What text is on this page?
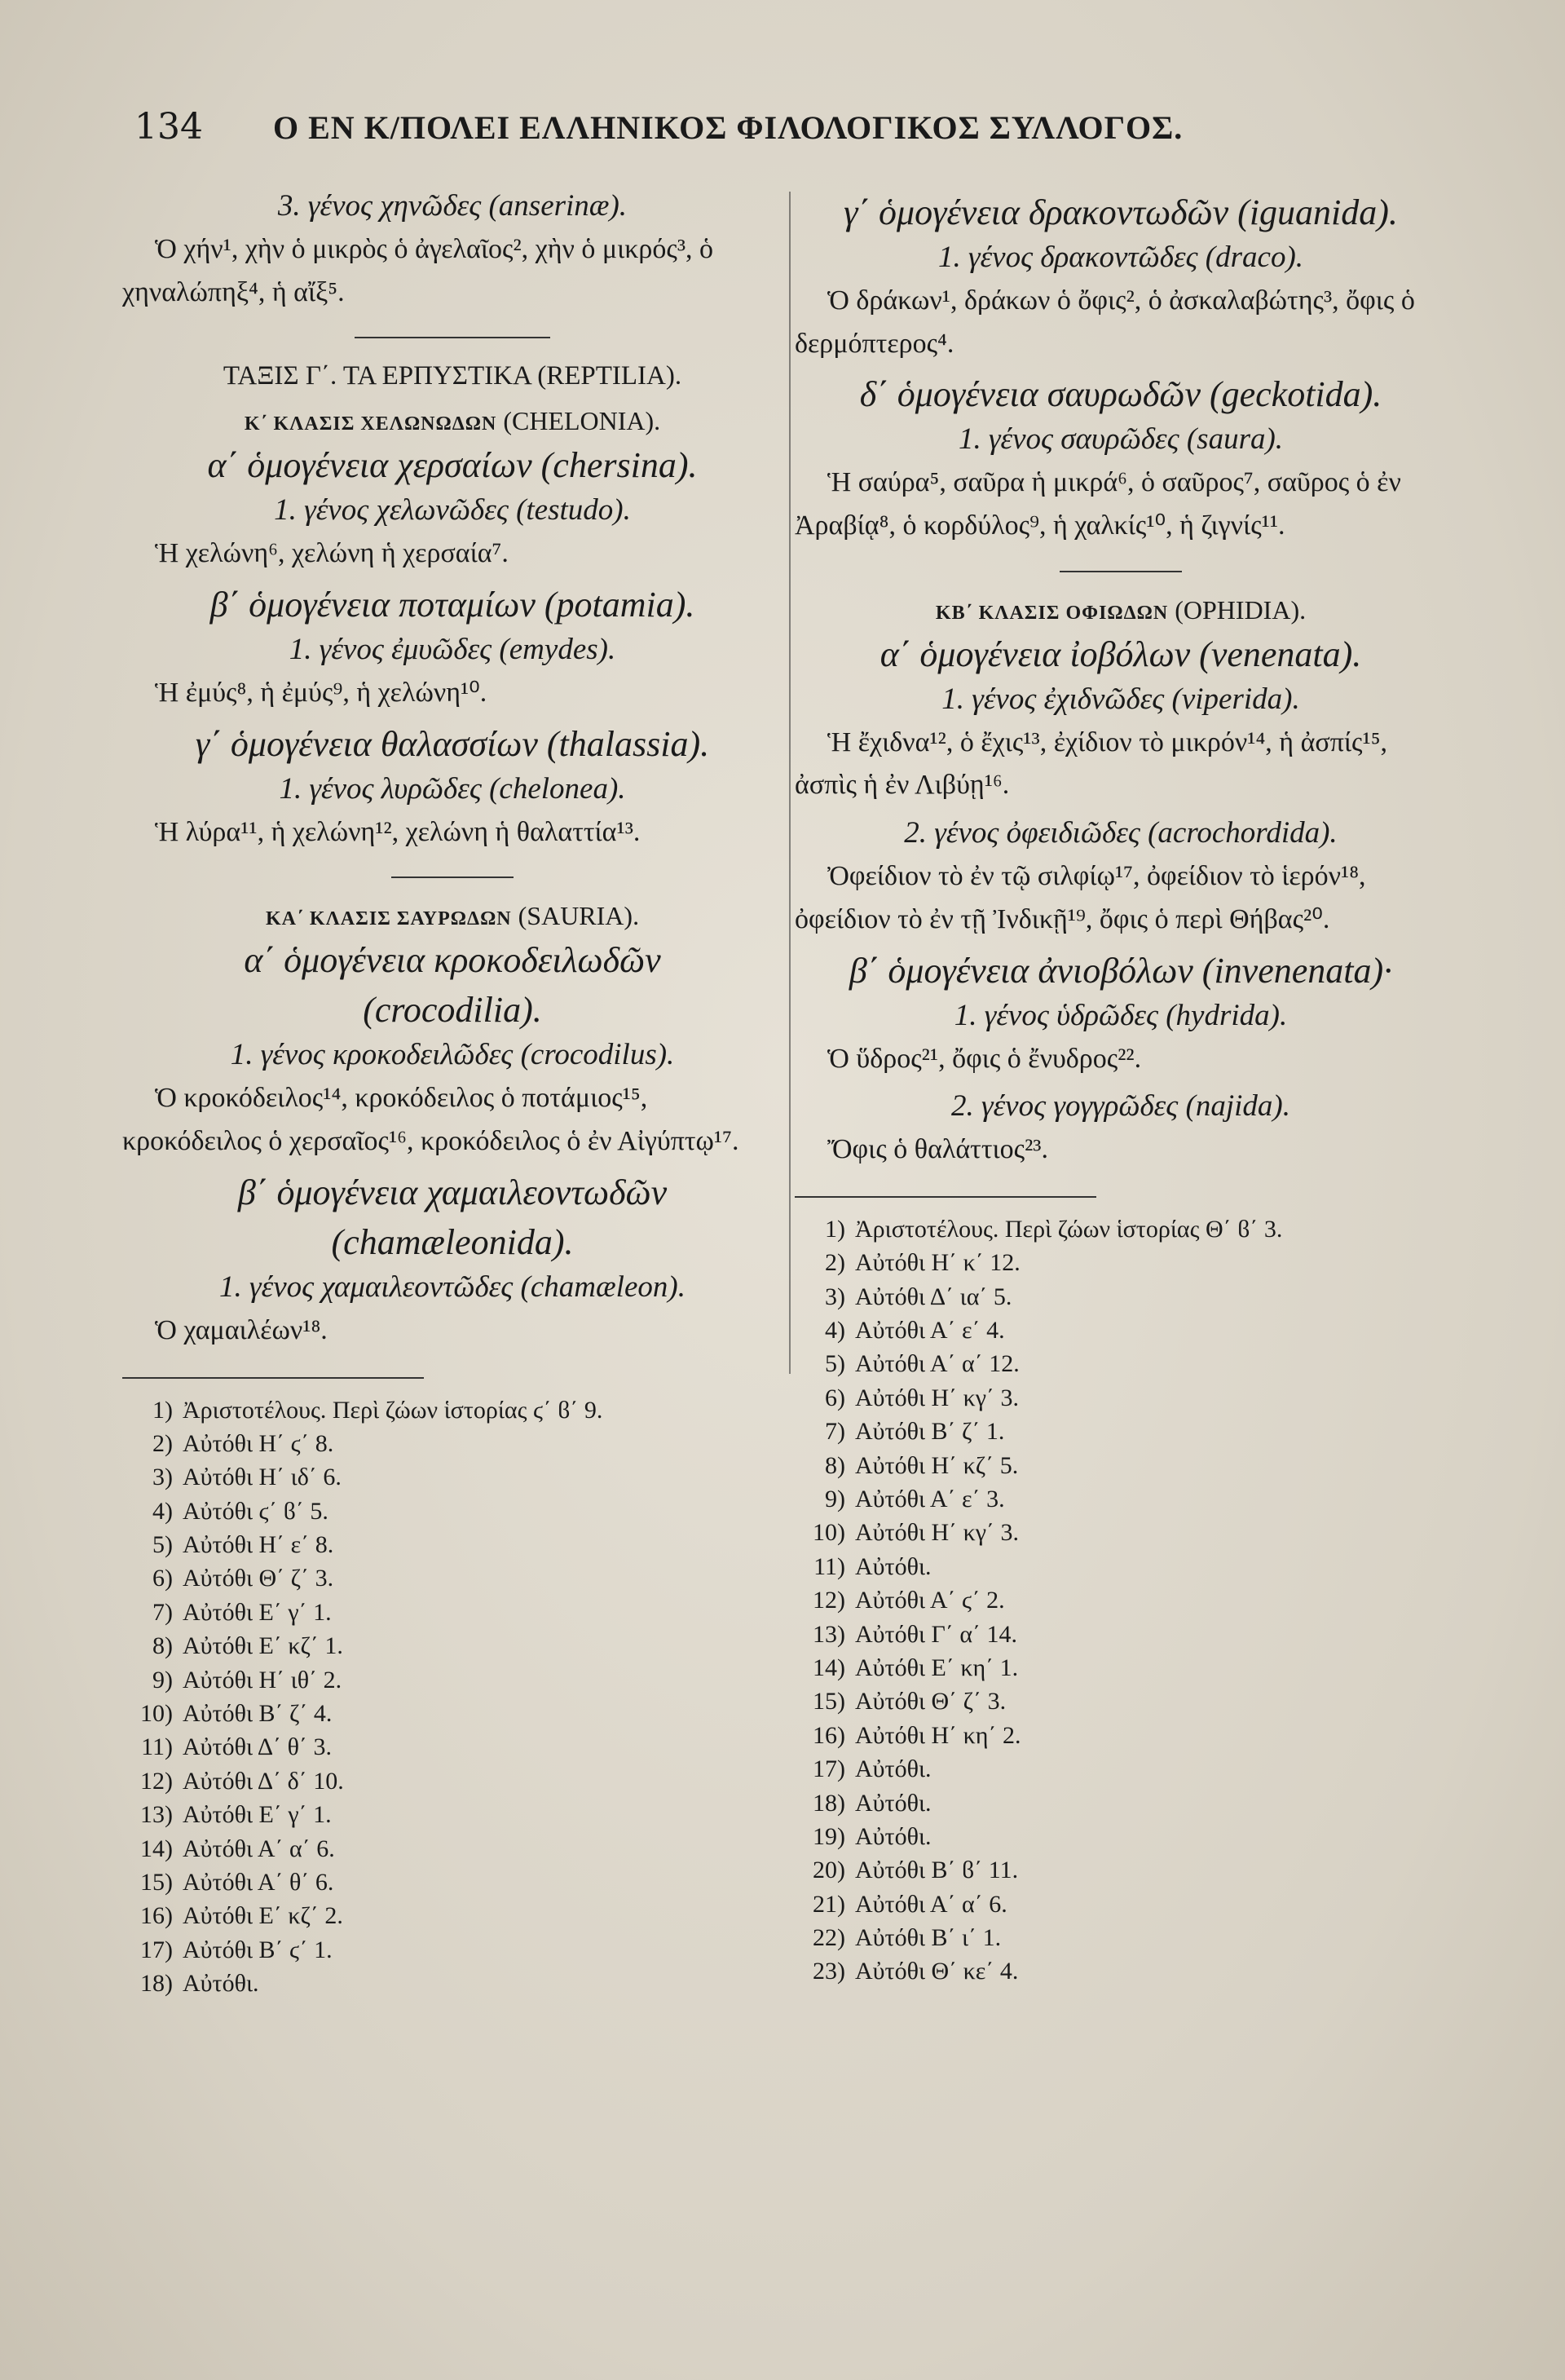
134	Ο ΕΝ Κ/ΠΟΛΕΙ ΕΛΛΗΝΙΚΟΣ ΦΙΛΟΛΟΓΙΚΟΣ ΣΥΛΛΟΓΟΣ.
3. γένος χηνῶδες (anserinæ).
Ὁ χήν¹, χὴν ὁ μικρὸς ὁ ἀγελαῖος², χὴν ὁ μικρός³, ὁ χηναλώπηξ⁴, ἡ αἴξ⁵.
ΤΑΞΙΣ Γ΄. ΤΑ ΕΡΠΥΣΤΙΚΑ (REPTILIA).
Κ΄ ΚΛΑΣΙΣ ΧΕΛΩΝΩΔΩΝ (CHELONIA).
α΄ ὁμογένεια χερσαίων (chersina).
1. γένος χελωνῶδες (testudo).
Ἡ χελώνη⁶, χελώνη ἡ χερσαία⁷.
β΄ ὁμογένεια ποταμίων (potamia).
1. γένος ἐμυῶδες (emydes).
Ἡ ἐμύς⁸, ἡ ἐμύς⁹, ἡ χελώνη¹⁰.
γ΄ ὁμογένεια θαλασσίων (thalassia).
1. γένος λυρῶδες (chelonea).
Ἡ λύρα¹¹, ἡ χελώνη¹², χελώνη ἡ θαλαττία¹³.
ΚΑ΄ ΚΛΑΣΙΣ ΣΑΥΡΩΔΩΝ (SAURIA).
α΄ ὁμογένεια κροκοδειλωδῶν
(crocodilia).
1. γένος κροκοδειλῶδες (crocodilus).
Ὁ κροκόδειλος¹⁴, κροκόδειλος ὁ ποτάμιος¹⁵, κροκόδειλος ὁ χερσαῖος¹⁶, κροκόδειλος ὁ ἐν Αἰγύπτῳ¹⁷.
β΄ ὁμογένεια χαμαιλεοντωδῶν
(chamæleonida).
1. γένος χαμαιλεοντῶδες (chamæleon).
Ὁ χαμαιλέων¹⁸.
1) Ἀριστοτέλους. Περὶ ζώων ἱστορίας ϛ΄ ϐ΄ 9.
2) Αὐτόθι Η΄ ϛ΄ 8.
3) Αὐτόθι Η΄ ιδ΄ 6.
4) Αὐτόθι ϛ΄ ϐ΄ 5.
5) Αὐτόθι Η΄ ε΄ 8.
6) Αὐτόθι Θ΄ ζ΄ 3.
7) Αὐτόθι Ε΄ γ΄ 1.
8) Αὐτόθι Ε΄ κζ΄ 1.
9) Αὐτόθι Η΄ ιθ΄ 2.
10) Αὐτόθι Β΄ ζ΄ 4.
11) Αὐτόθι Δ΄ θ΄ 3.
12) Αὐτόθι Δ΄ δ΄ 10.
13) Αὐτόθι Ε΄ γ΄ 1.
14) Αὐτόθι Α΄ α΄ 6.
15) Αὐτόθι Α΄ θ΄ 6.
16) Αὐτόθι Ε΄ κζ΄ 2.
17) Αὐτόθι Β΄ ϛ΄ 1.
18) Αὐτόθι.
γ΄ ὁμογένεια δρακοντωδῶν (iguanida).
1. γένος δρακοντῶδες (draco).
Ὁ δράκων¹, δράκων ὁ ὄφις², ὁ ἀσκαλαβώτης³, ὄφις ὁ δερμόπτερος⁴.
δ΄ ὁμογένεια σαυρωδῶν (geckotida).
1. γένος σαυρῶδες (saura).
Ἡ σαύρα⁵, σαῦρα ἡ μικρά⁶, ὁ σαῦρος⁷, σαῦρος ὁ ἐν Ἀραβίᾳ⁸, ὁ κορδύλος⁹, ἡ χαλκίς¹⁰, ἡ ζιγνίς¹¹.
ΚΒ΄ ΚΛΑΣΙΣ ΟΦΙΩΔΩΝ (OPHIDIA).
α΄ ὁμογένεια ἰοβόλων (venenata).
1. γένος ἐχιδνῶδες (viperida).
Ἡ ἔχιδνα¹², ὁ ἔχις¹³, ἐχίδιον τὸ μικρόν¹⁴, ἡ ἀσπίς¹⁵, ἀσπὶς ἡ ἐν Λιβύῃ¹⁶.
2. γένος ὀφειδιῶδες (acrochordida).
Ὀφείδιον τὸ ἐν τῷ σιλφίῳ¹⁷, ὀφείδιον τὸ ἱερόν¹⁸, ὀφείδιον τὸ ἐν τῇ Ἰνδικῇ¹⁹, ὄφις ὁ περὶ Θήβας²⁰.
β΄ ὁμογένεια ἀνιοβόλων (invenenata)·
1. γένος ὑδρῶδες (hydrida).
Ὁ ὕδρος²¹, ὄφις ὁ ἔνυδρος²².
2. γένος γογγρῶδες (najida).
Ὄφις ὁ θαλάττιος²³.
1) Ἀριστοτέλους. Περὶ ζώων ἱστορίας Θ΄ ϐ΄ 3.
2) Αὐτόθι Η΄ κ΄ 12.
3) Αὐτόθι Δ΄ ια΄ 5.
4) Αὐτόθι Α΄ ε΄ 4.
5) Αὐτόθι Α΄ α΄ 12.
6) Αὐτόθι Η΄ κγ΄ 3.
7) Αὐτόθι Β΄ ζ΄ 1.
8) Αὐτόθι Η΄ κζ΄ 5.
9) Αὐτόθι Α΄ ε΄ 3.
10) Αὐτόθι Η΄ κγ΄ 3.
11) Αὐτόθι.
12) Αὐτόθι Α΄ ϛ΄ 2.
13) Αὐτόθι Γ΄ α΄ 14.
14) Αὐτόθι Ε΄ κη΄ 1.
15) Αὐτόθι Θ΄ ζ΄ 3.
16) Αὐτόθι Η΄ κη΄ 2.
17) Αὐτόθι.
18) Αὐτόθι.
19) Αὐτόθι.
20) Αὐτόθι Β΄ ϐ΄ 11.
21) Αὐτόθι Α΄ α΄ 6.
22) Αὐτόθι Β΄ ι΄ 1.
23) Αὐτόθι Θ΄ κε΄ 4.
